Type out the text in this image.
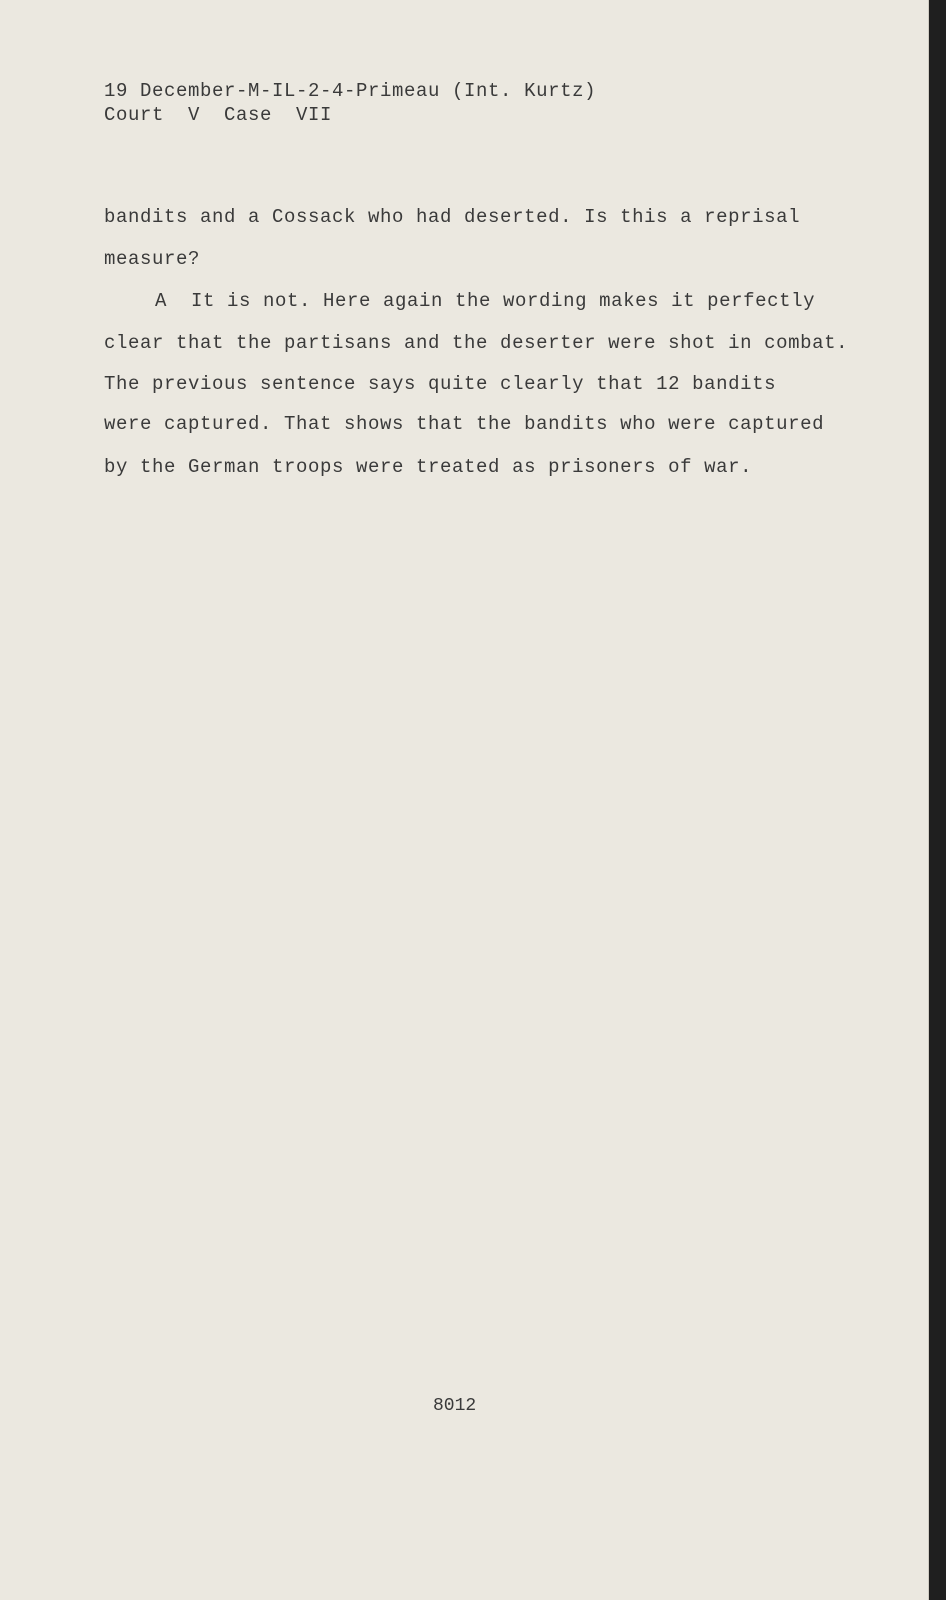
19 December-M-IL-2-4-Primeau (Int. Kurtz)
Court  V  Case  VII
bandits and a Cossack who had deserted. Is this a reprisal
measure?
A  It is not. Here again the wording makes it perfectly
clear that the partisans and the deserter were shot in combat.
The previous sentence says quite clearly that 12 bandits
were captured. That shows that the bandits who were captured
by the German troops were treated as prisoners of war.
8012
